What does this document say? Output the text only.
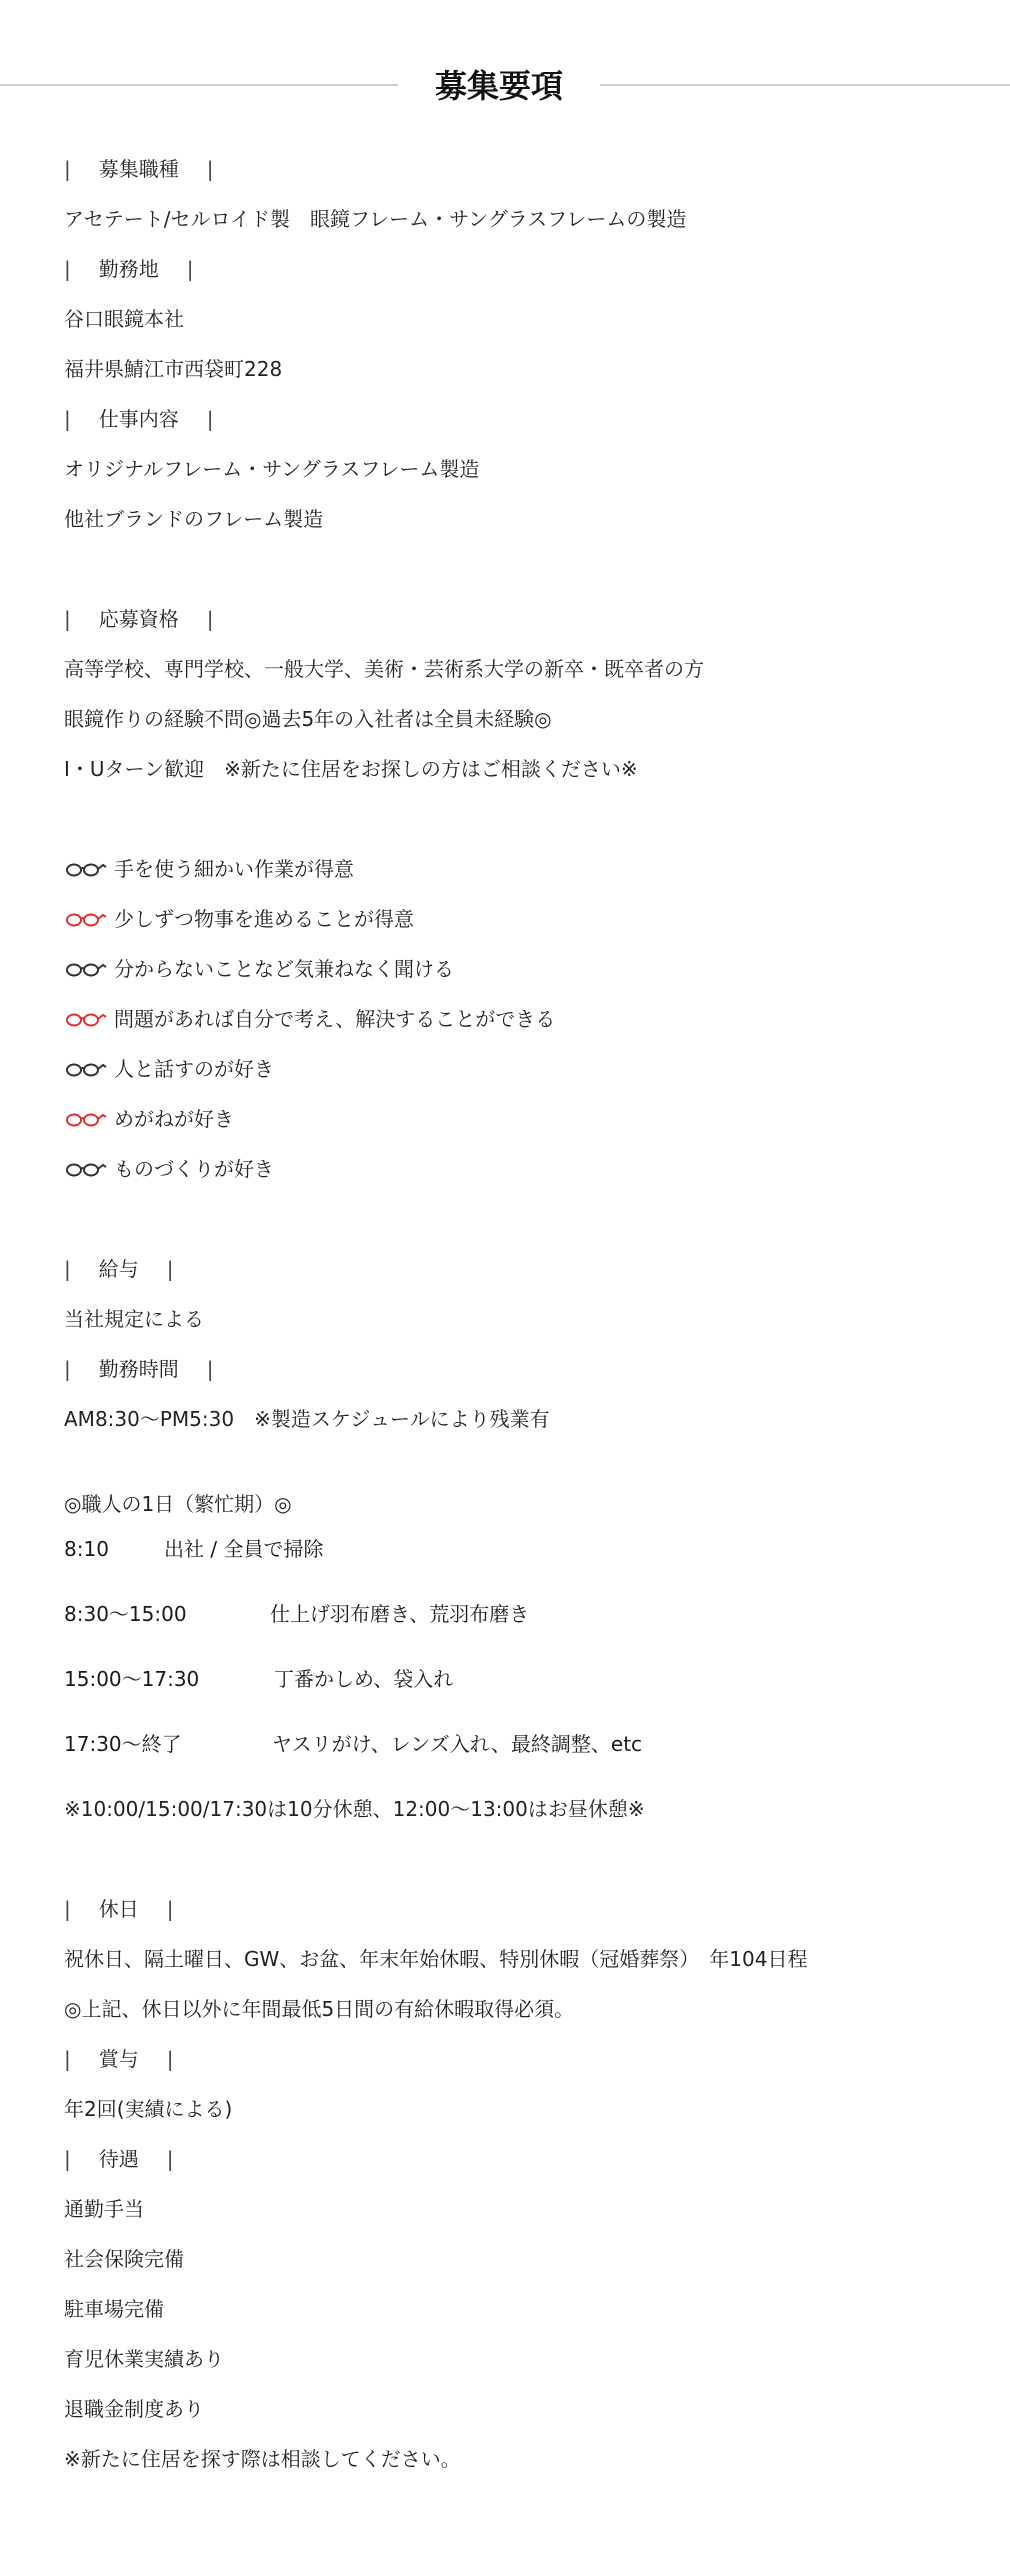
募集要項
| 募集職種 |
アセテート/セルロイド製　眼鏡フレーム・サングラスフレームの製造
| 勤務地 |
谷口眼鏡本社
福井県鯖江市西袋町228
| 仕事内容 |
オリジナルフレーム・サングラスフレーム製造
他社ブランドのフレーム製造
| 応募資格 |
高等学校、専門学校、一般大学、美術・芸術系大学の新卒・既卒者の方
眼鏡作りの経験不問◎過去5年の入社者は全員未経験◎
I・Uターン歓迎　※新たに住居をお探しの方はご相談ください※
手を使う細かい作業が得意
少しずつ物事を進めることが得意
分からないことなど気兼ねなく聞ける
問題があれば自分で考え、解決することができる
人と話すのが好き
めがねが好き
ものづくりが好き
| 給与 |
当社規定による
| 勤務時間 |
AM8:30〜PM5:30　※製造スケジュールにより残業有
◎職人の1日（繁忙期）◎
8:10	出社 / 全員で掃除
8:30〜15:00	仕上げ羽布磨き、荒羽布磨き
15:00〜17:30	丁番かしめ、袋入れ
17:30〜終了	ヤスリがけ、レンズ入れ、最終調整、etc
※10:00/15:00/17:30は10分休憩、12:00〜13:00はお昼休憩※
| 休日 |
祝休日、隔土曜日、GW、お盆、年末年始休暇、特別休暇（冠婚葬祭）　年104日程
◎上記、休日以外に年間最低5日間の有給休暇取得必須。
| 賞与 |
年2回(実績による)
| 待遇 |
通勤手当
社会保険完備
駐車場完備
育児休業実績あり
退職金制度あり
※新たに住居を探す際は相談してください。
